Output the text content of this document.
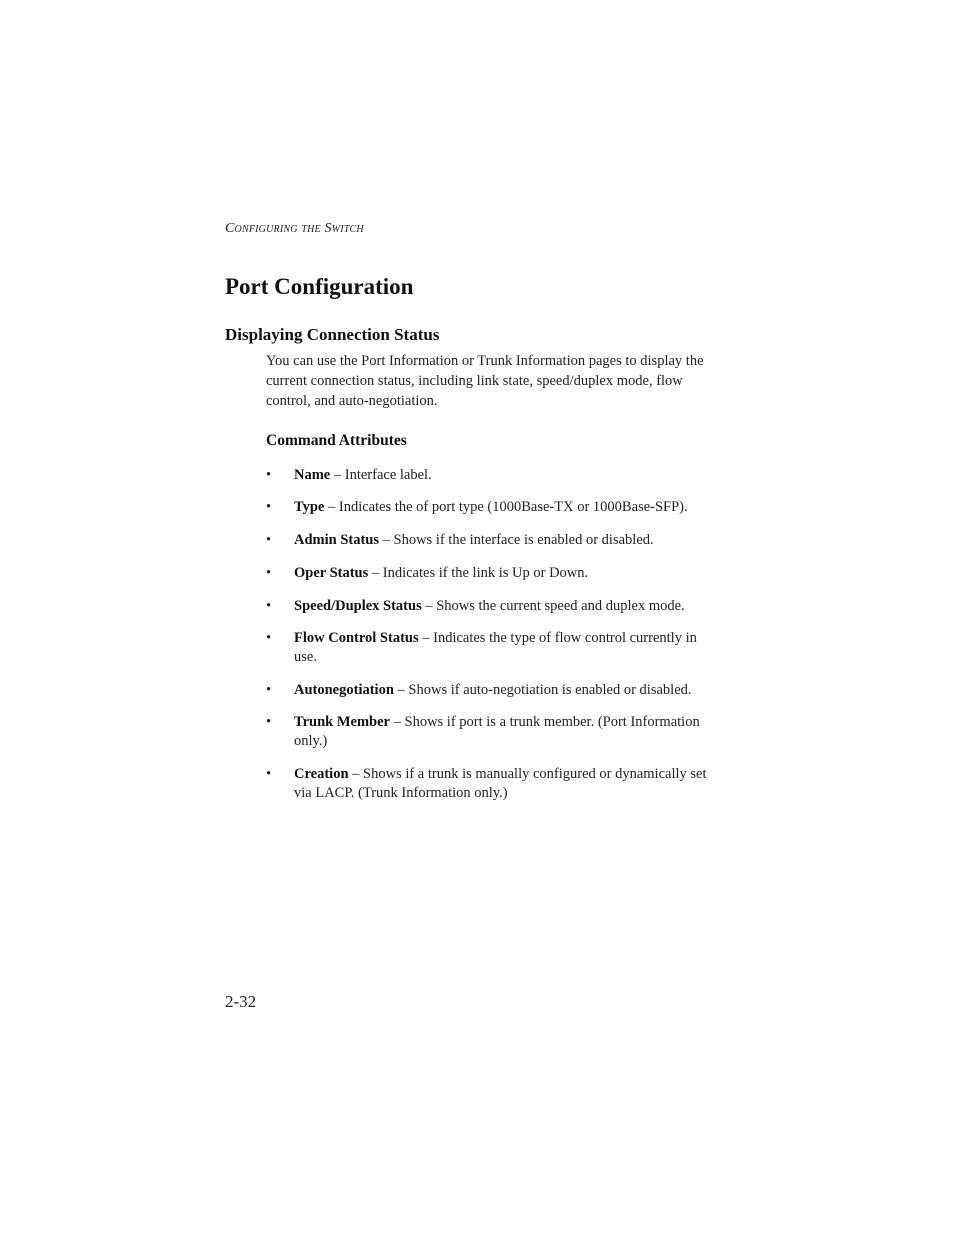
Configuring the Switch
Port Configuration
Displaying Connection Status

You can use the Port Information or Trunk Information pages to display the current connection status, including link state, speed/duplex mode, flow control, and auto-negotiation.

Command Attributes
• Name – Interface label.
• Type – Indicates the of port type (1000Base-TX or 1000Base-SFP).
• Admin Status – Shows if the interface is enabled or disabled.
• Oper Status – Indicates if the link is Up or Down.
• Speed/Duplex Status – Shows the current speed and duplex mode.
• Flow Control Status – Indicates the type of flow control currently in use.
• Autonegotiation – Shows if auto-negotiation is enabled or disabled.
• Trunk Member – Shows if port is a trunk member. (Port Information only.)
• Creation – Shows if a trunk is manually configured or dynamically set via LACP. (Trunk Information only.)
2-32
